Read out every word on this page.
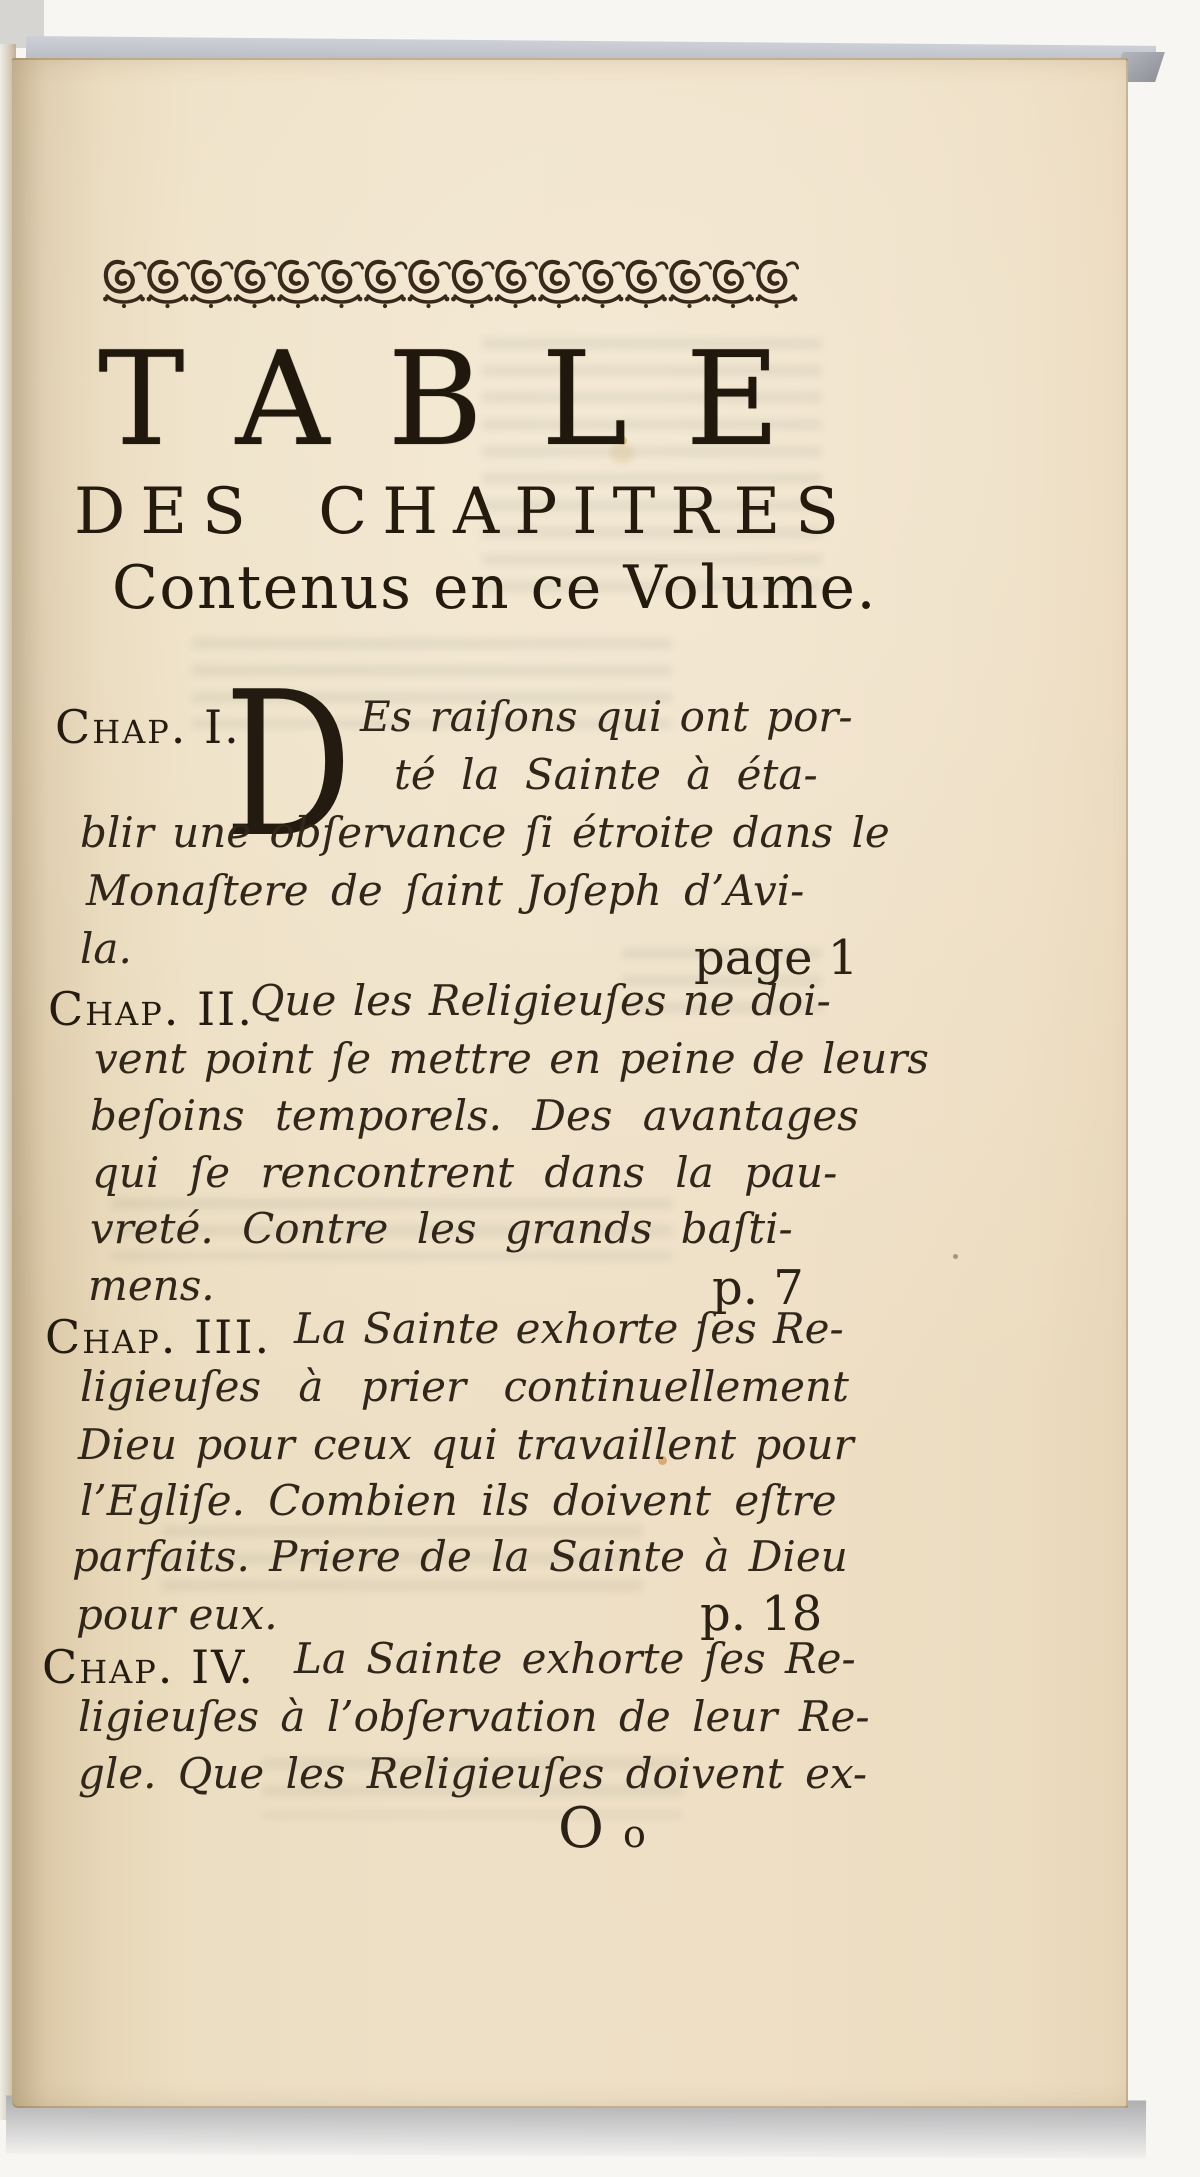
TABLE
DES CHAPITRES
Contenus en ce Volume.
Chap. I.
D Es raiſons qui ont por-
té la Sainte à éta-
blir une obſervance ſi étroite dans le
Monaſtere de ſaint Joſeph d’Avi-
la.	page 1
Chap. II.
Que les Religieuſes ne doi-
vent point ſe mettre en peine de leurs
beſoins temporels. Des avantages
qui ſe rencontrent dans la pau-
vreté. Contre les grands baſti-
mens.	p. 7
Chap. III. La Sainte exhorte ſes Re-
ligieuſes à prier continuellement
Dieu pour ceux qui travaillent pour
l’Egliſe. Combien ils doivent eſtre
parfaits. Priere de la Sainte à Dieu
pour eux.	p. 18
Chap. IV. La Sainte exhorte ſes Re-
ligieuſes à l’obſervation de leur Re-
gle. Que les Religieuſes doivent ex-
O o
